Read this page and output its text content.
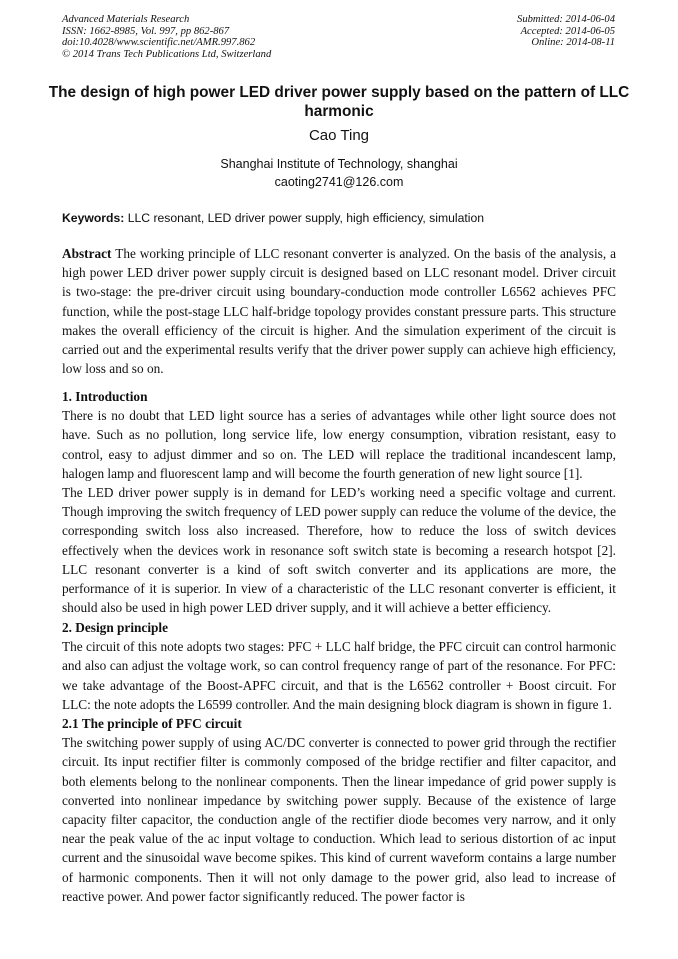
Advanced Materials Research
ISSN: 1662-8985, Vol. 997, pp 862-867
doi:10.4028/www.scientific.net/AMR.997.862
© 2014 Trans Tech Publications Ltd, Switzerland
Submitted: 2014-06-04
Accepted: 2014-06-05
Online: 2014-08-11
The design of high power LED driver power supply based on the pattern of LLC harmonic
Cao Ting
Shanghai Institute of Technology, shanghai
caoting2741@126.com
Keywords: LLC resonant, LED driver power supply, high efficiency, simulation

Abstract The working principle of LLC resonant converter is analyzed. On the basis of the analysis, a high power LED driver power supply circuit is designed based on LLC resonant model. Driver circuit is two-stage: the pre-driver circuit using boundary-conduction mode controller L6562 achieves PFC function, while the post-stage LLC half-bridge topology provides constant pressure parts. This structure makes the overall efficiency of the circuit is higher. And the simulation experiment of the circuit is carried out and the experimental results verify that the driver power supply can achieve high efficiency, low loss and so on.

1. Introduction

There is no doubt that LED light source has a series of advantages while other light source does not have. Such as no pollution, long service life, low energy consumption, vibration resistant, easy to control, easy to adjust dimmer and so on. The LED will replace the traditional incandescent lamp, halogen lamp and fluorescent lamp and will become the fourth generation of new light source [1].

The LED driver power supply is in demand for LED’s working need a specific voltage and current. Though improving the switch frequency of LED power supply can reduce the volume of the device, the corresponding switch loss also increased. Therefore, how to reduce the loss of switch devices effectively when the devices work in resonance soft switch state is becoming a research hotspot [2]. LLC resonant converter is a kind of soft switch converter and its applications are more, the performance of it is superior. In view of a characteristic of the LLC resonant converter is efficient, it should also be used in high power LED driver supply, and it will achieve a better efficiency.

2. Design principle

The circuit of this note adopts two stages: PFC + LLC half bridge, the PFC circuit can control harmonic and also can adjust the voltage work, so can control frequency range of part of the resonance. For PFC: we take advantage of the Boost-APFC circuit, and that is the L6562 controller + Boost circuit. For LLC: the note adopts the L6599 controller. And the main designing block diagram is shown in figure 1.

2.1 The principle of PFC circuit

The switching power supply of using AC/DC converter is connected to power grid through the rectifier circuit. Its input rectifier filter is commonly composed of the bridge rectifier and filter capacitor, and both elements belong to the nonlinear components. Then the linear impedance of grid power supply is converted into nonlinear impedance by switching power supply. Because of the existence of large capacity filter capacitor, the conduction angle of the rectifier diode becomes very narrow, and it only near the peak value of the ac input voltage to conduction. Which lead to serious distortion of ac input current and the sinusoidal wave become spikes. This kind of current waveform contains a large number of harmonic components. Then it will not only damage to the power grid, also lead to increase of reactive power. And power factor significantly reduced. The power factor is
